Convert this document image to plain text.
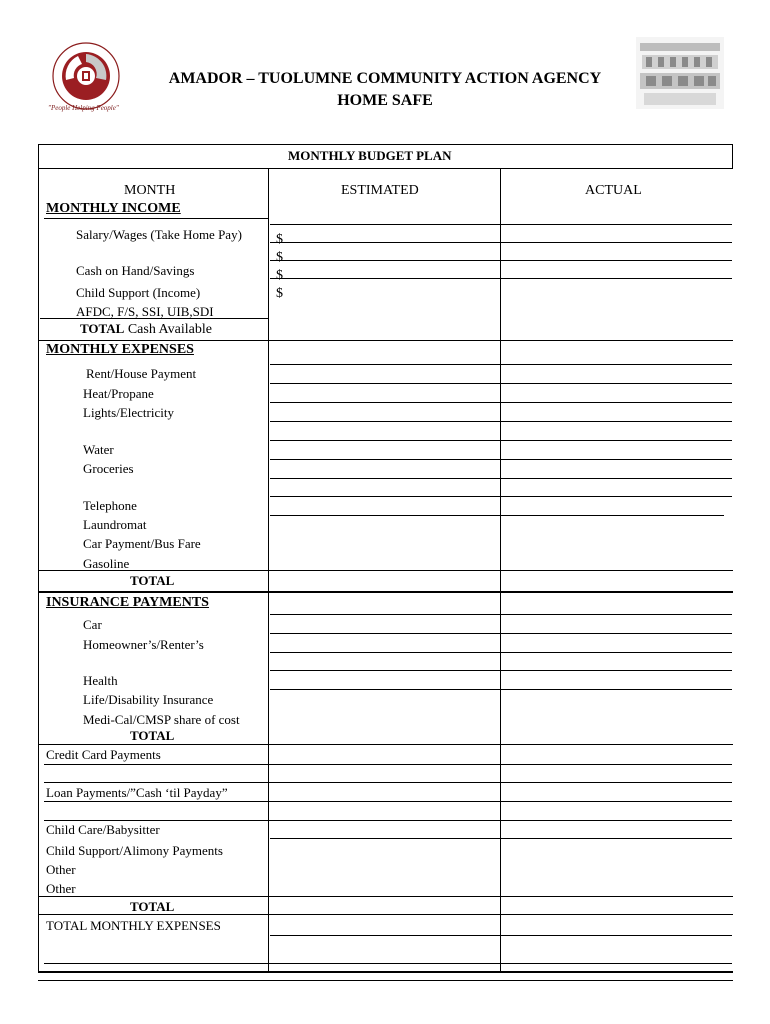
"People Helping People"
AMADOR – TUOLUMNE COMMUNITY ACTION AGENCY
HOME SAFE
MONTHLY BUDGET PLAN
MONTH	ESTIMATED	ACTUAL
MONTHLY INCOME
Salary/Wages (Take Home Pay)
Cash on Hand/Savings
Child Support (Income)
AFDC, F/S, SSI, UIB,SDI
TOTAL Cash Available
$
$
$
$
MONTHLY EXPENSES
Rent/House Payment
Heat/Propane
Lights/Electricity
Water
Groceries
Telephone
Laundromat
Car Payment/Bus Fare
Gasoline
TOTAL
INSURANCE PAYMENTS
Car
Homeowner’s/Renter’s
Health
Life/Disability Insurance
Medi-Cal/CMSP share of cost
TOTAL
Credit Card Payments
Loan Payments/”Cash ‘til Payday”
Child Care/Babysitter
Child Support/Alimony Payments
Other
Other
TOTAL
TOTAL MONTHLY EXPENSES
